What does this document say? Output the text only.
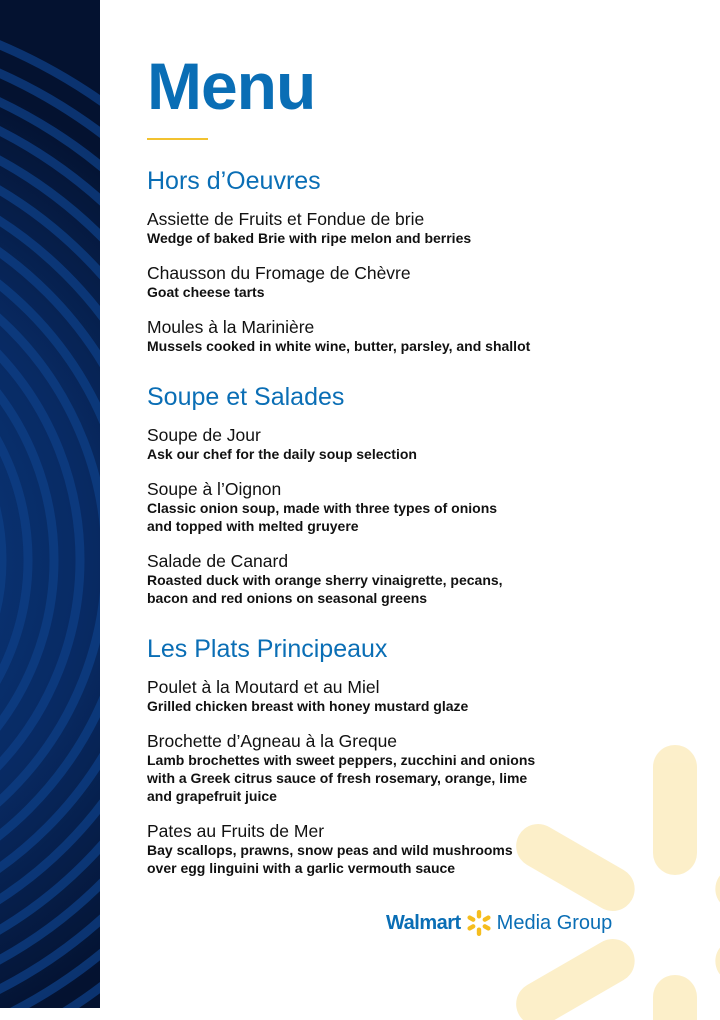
Menu
Hors d’Oeuvres
Assiette de Fruits et Fondue de brie
Wedge of baked Brie with ripe melon and berries
Chausson du Fromage de Chèvre
Goat cheese tarts
Moules à la Marinière
Mussels cooked in white wine, butter, parsley, and shallot
Soupe et Salades
Soupe de Jour
Ask our chef for the daily soup selection
Soupe à l’Oignon
Classic onion soup, made with three types of onions
and topped with melted gruyere
Salade de Canard
Roasted duck with orange sherry vinaigrette, pecans,
bacon and red onions on seasonal greens
Les Plats Principeaux
Poulet à la Moutard et au Miel
Grilled chicken breast with honey mustard glaze
Brochette d’Agneau à la Greque
Lamb brochettes with sweet peppers, zucchini and onions
with a Greek citrus sauce of fresh rosemary, orange, lime
and grapefruit juice
Pates au Fruits de Mer
Bay scallops, prawns, snow peas and wild mushrooms
over egg linguini with a garlic vermouth sauce
Walmart Media Group
